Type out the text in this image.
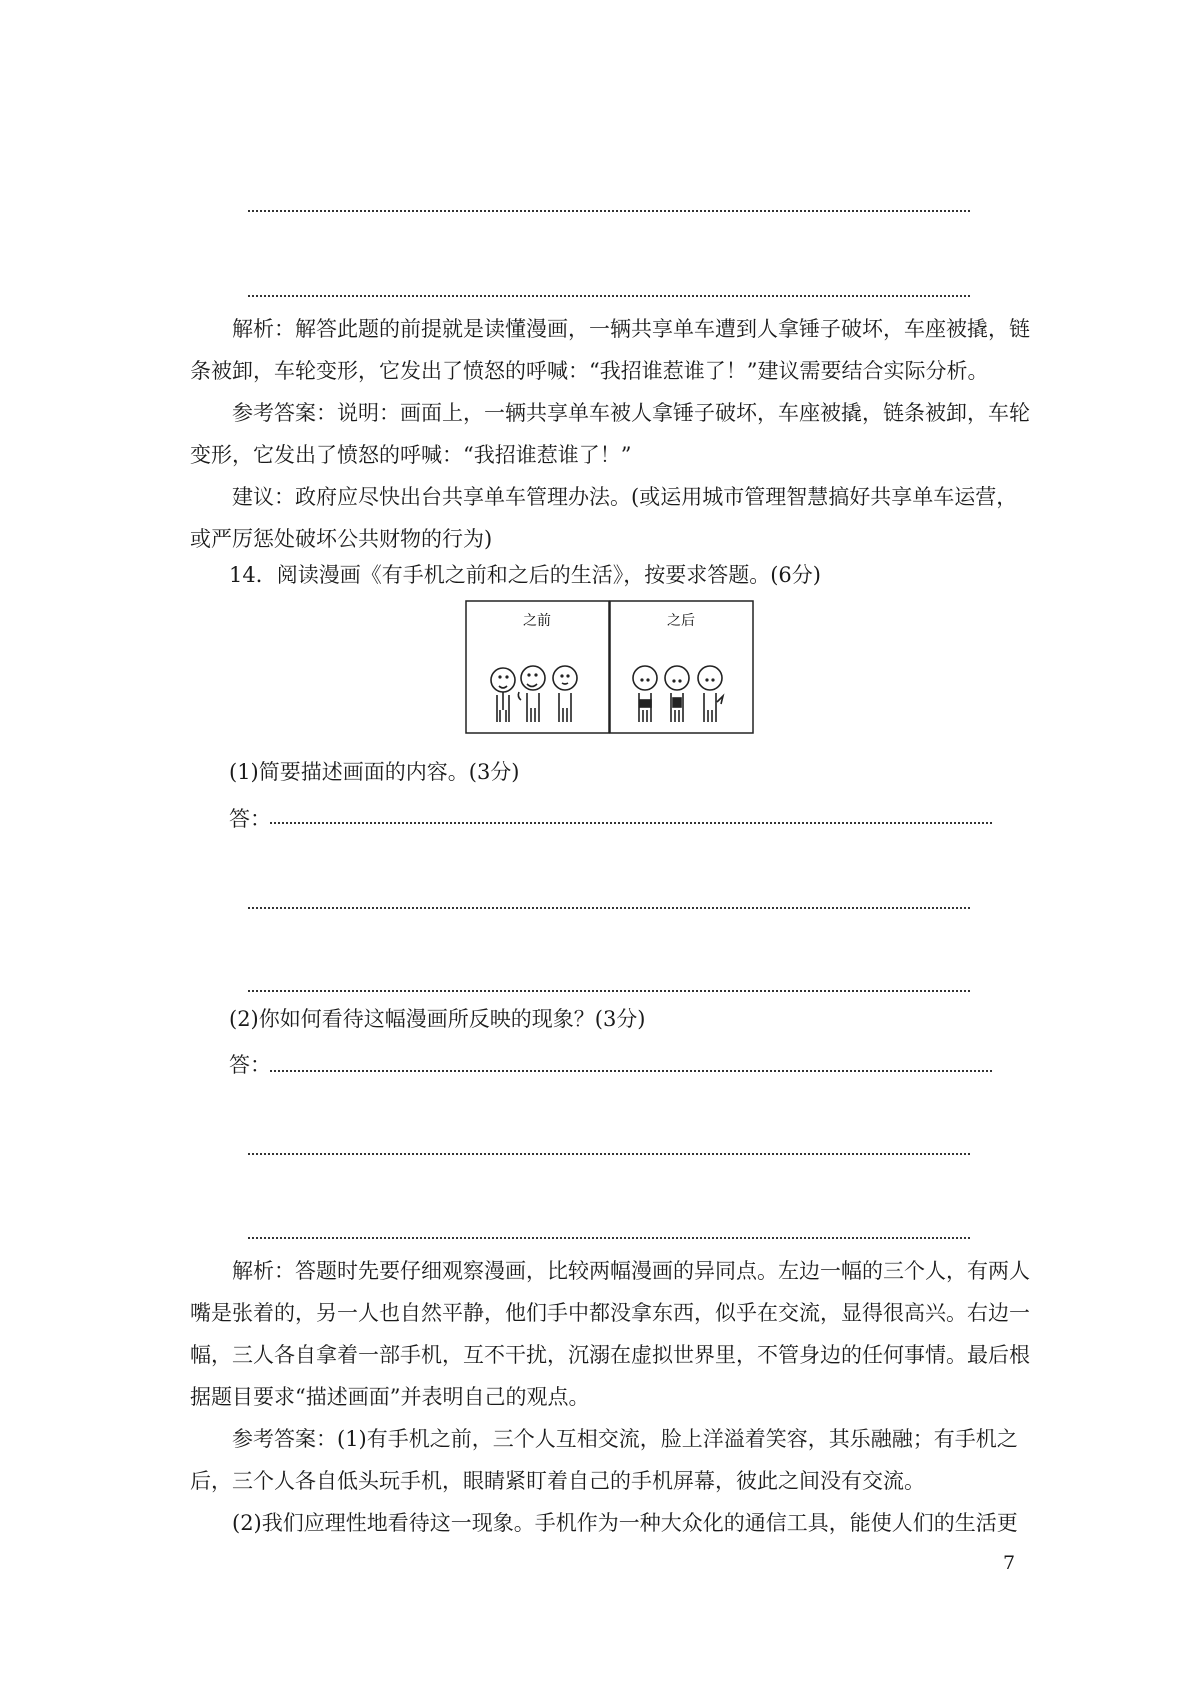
解析：解答此题的前提就是读懂漫画，一辆共享单车遭到人拿锤子破坏，车座被撬，链条被卸，车轮变形，它发出了愤怒的呼喊：“我招谁惹谁了！”建议需要结合实际分析。

参考答案：说明：画面上，一辆共享单车被人拿锤子破坏，车座被撬，链条被卸，车轮变形，它发出了愤怒的呼喊：“我招谁惹谁了！”

建议：政府应尽快出台共享单车管理办法。(或运用城市管理智慧搞好共享单车运营，或严厉惩处破坏公共财物的行为)

14．阅读漫画《有手机之前和之后的生活》，按要求答题。(6分)
之前	之后
(1)简要描述画面的内容。(3分)
答：
(2)你如何看待这幅漫画所反映的现象？(3分)
答：

解析：答题时先要仔细观察漫画，比较两幅漫画的异同点。左边一幅的三个人，有两人嘴是张着的，另一人也自然平静，他们手中都没拿东西，似乎在交流，显得很高兴。右边一幅，三人各自拿着一部手机，互不干扰，沉溺在虚拟世界里，不管身边的任何事情。最后根据题目要求“描述画面”并表明自己的观点。

参考答案：(1)有手机之前，三个人互相交流，脸上洋溢着笑容，其乐融融；有手机之后，三个人各自低头玩手机，眼睛紧盯着自己的手机屏幕，彼此之间没有交流。

(2)我们应理性地看待这一现象。手机作为一种大众化的通信工具，能使人们的生活更

7
